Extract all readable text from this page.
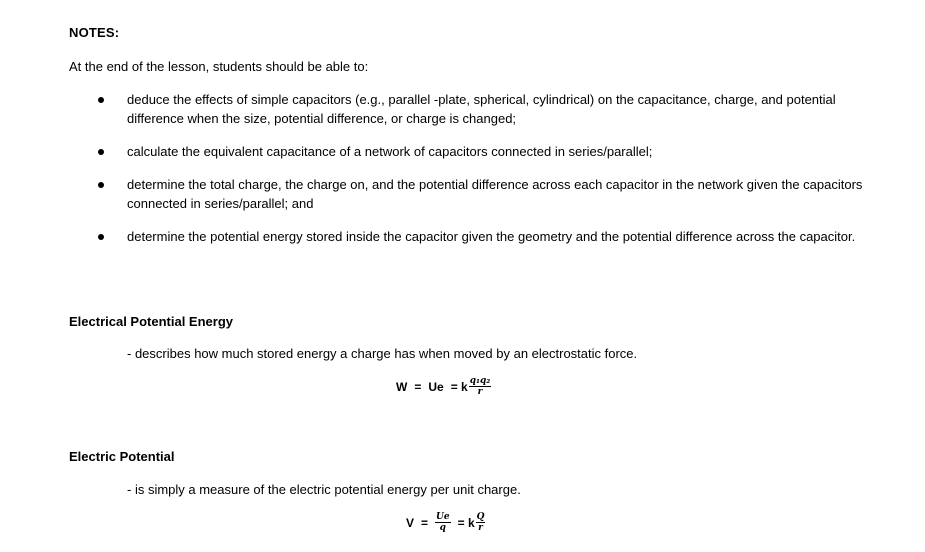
NOTES:
At the end of the lesson, students should be able to:
deduce the effects of simple capacitors (e.g., parallel -plate, spherical, cylindrical) on the capacitance, charge, and potential difference when the size, potential difference, or charge is changed;
calculate the equivalent capacitance of a network of capacitors connected in series/parallel;
determine the total charge, the charge on, and the potential difference across each capacitor in the network given the capacitors connected in series/parallel; and
determine the potential energy stored inside the capacitor given the geometry and the potential difference across the capacitor.
Electrical Potential Energy
- describes how much stored energy a charge has when moved by an electrostatic force.
W = Ue = k $\frac{\text{q₁q₂}}{r}$
Electric Potential
- is simply a measure of the electric potential energy per unit charge.
$V = \frac{Ue}{q} = k \frac{Q}{r}$
